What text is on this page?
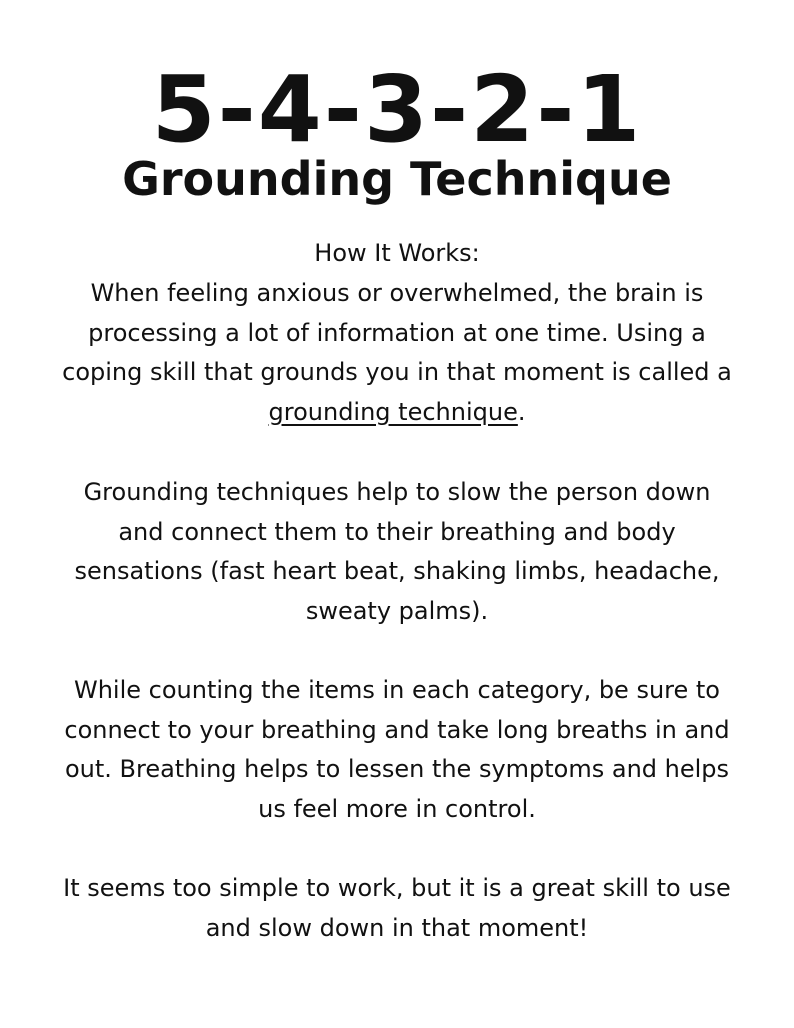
5-4-3-2-1
Grounding Technique

How It Works:

When feeling anxious or overwhelmed, the brain is processing a lot of information at one time. Using a coping skill that grounds you in that moment is called a grounding technique.

Grounding techniques help to slow the person down and connect them to their breathing and body sensations (fast heart beat, shaking limbs, headache, sweaty palms).

While counting the items in each category, be sure to connect to your breathing and take long breaths in and out. Breathing helps to lessen the symptoms and helps us feel more in control.

It seems too simple to work, but it is a great skill to use and slow down in that moment!
